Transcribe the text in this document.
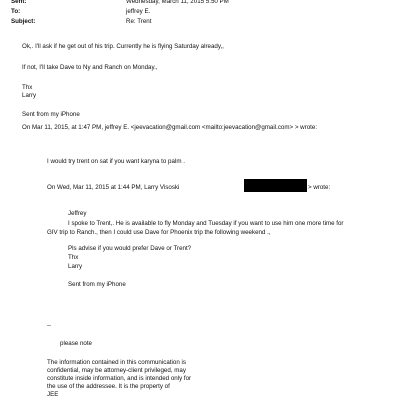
Sent:	Wednesday, March 11, 2015 5:50 PM
To:	jeffrey E.
Subject:	Re: Trent
Ok,. I'll ask if he get out of his trip. Currently he is flying Saturday already,,
If not, I'll take Dave to Ny and Ranch on Monday.,
Thx
Larry
Sent from my iPhone
On Mar 11, 2015, at 1:47 PM, jeffrey E. <jeevacation@gmail.com <mailto:jeevacation@gmail.com> > wrote:
I would try trent on sat if you want karyna to palm .
On Wed, Mar 11, 2015 at 1:44 PM, Larry Visoski	> wrote:
Jeffrey
I spoke to Trent,. He is available to fly Monday and Tuesday if you want to use him one more time for
GIV trip to Ranch., then I could use Dave for Phoenix trip the following weekend .,
Pls advise if you would prefer Dave or Trent?
Thx
Larry
Sent from my iPhone
--
please note
The information contained in this communication is
confidential, may be attorney-client privileged, may
constitute inside information, and is intended only for
the use of the addressee. It is the property of
JEE
